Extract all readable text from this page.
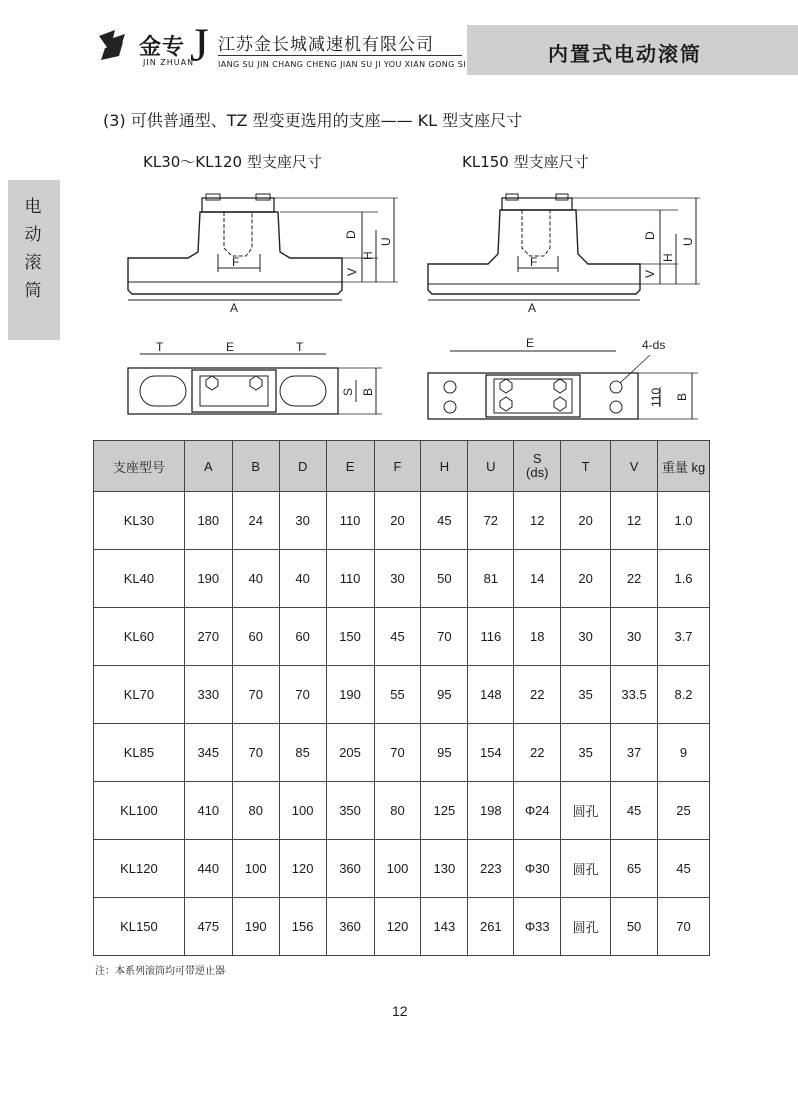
金专
JIN ZHUAN
J 江苏金长城减速机有限公司
IANG SU JIN CHANG CHENG JIAN SU JI YOU XIAN GONG SI	内置式电动滚筒
电动滚筒
(3) 可供普通型、TZ 型变更选用的支座—— KL 型支座尺寸
KL30～KL120 型支座尺寸	KL150 型支座尺寸
F
A
D
V
H
U
T	E	T
S B
F
A
D
V
H
U
E	4-ds
110 B
支座型号	A	B	D	E	F	H	U	S
(ds)	T	V	重量 kg
KL30	180	24	30	110	20	45	72	12	20	12	1.0
KL40	190	40	40	110	30	50	81	14	20	22	1.6
KL60	270	60	60	150	45	70	116	18	30	30	3.7
KL70	330	70	70	190	55	95	148	22	35	33.5	8.2
KL85	345	70	85	205	70	95	154	22	35	37	9
KL100	410	80	100	350	80	125	198	Φ24	圆孔	45	25
KL120	440	100	120	360	100	130	223	Φ30	圆孔	65	45
KL150	475	190	156	360	120	143	261	Φ33	圆孔	50	70
注：本系列滚筒均可带逆止器
12
